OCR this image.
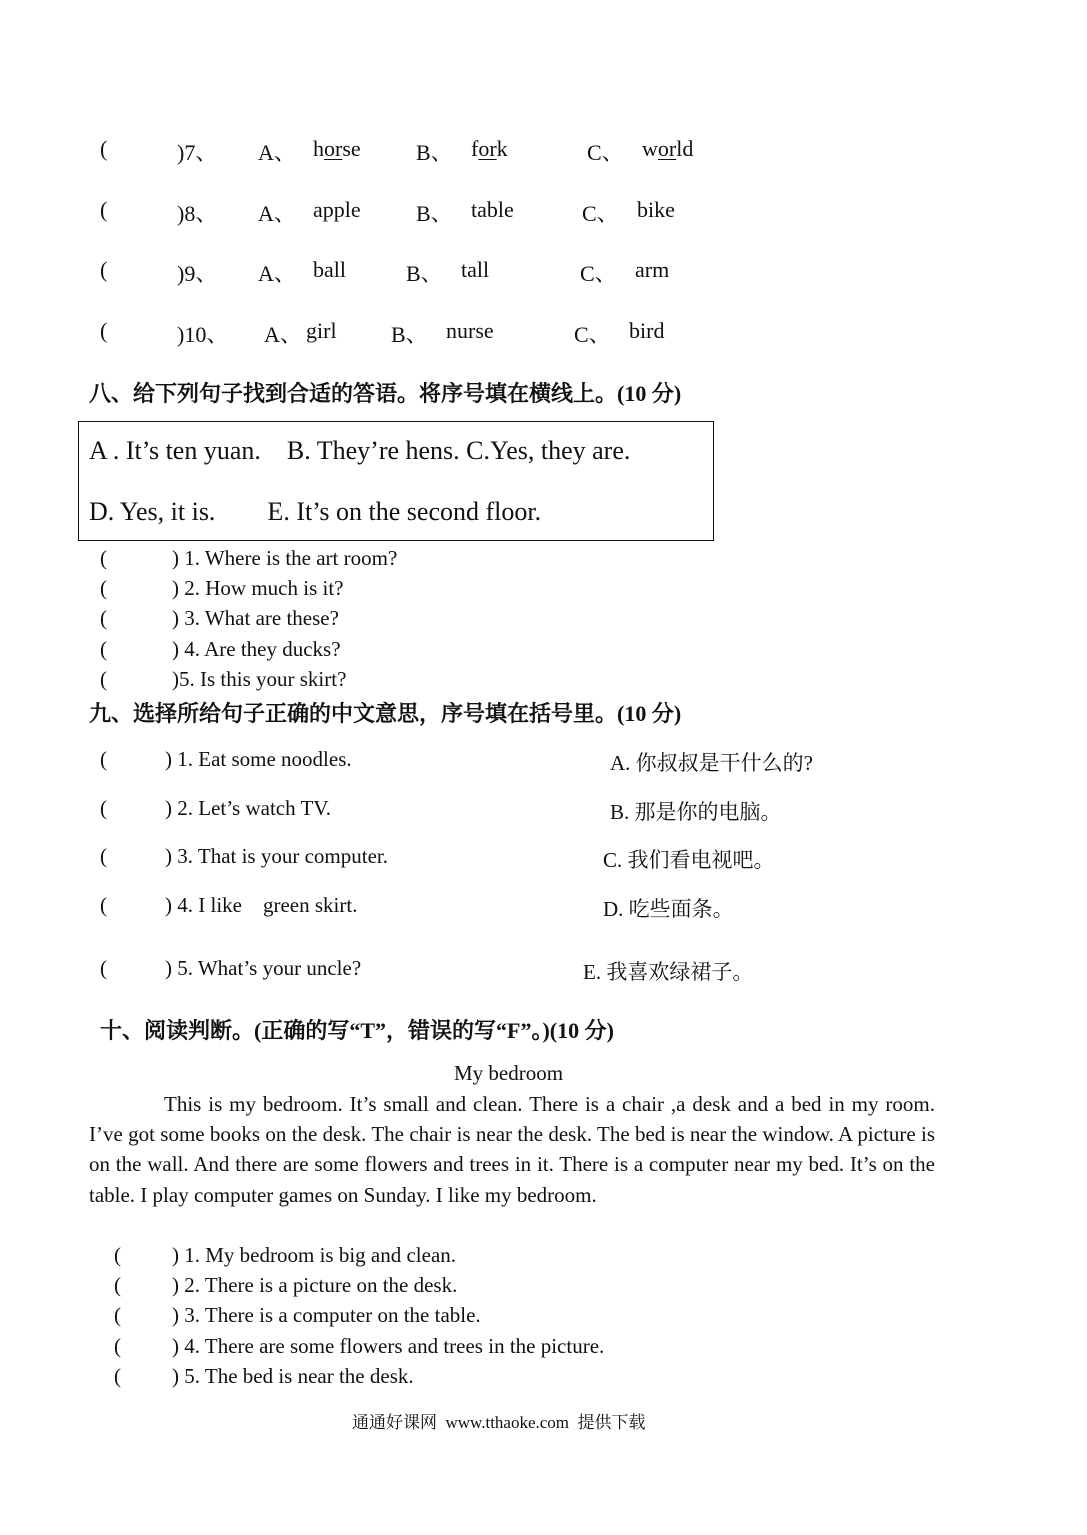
(	)7、 A、 horse	B、 fork	C、 world
(	)8、 A、 apple	B、 table	C、 bike
(	)9、 A、 ball	B、 tall	C、 arm
(	)10、 A、 girl B、 nurse	C、 bird
八、给下列句子找到合适的答语。将序号填在横线上。(10 分)
A . It’s ten yuan.    B. They’re hens. C.Yes, they are.
D. Yes, it is.        E. It’s on the second floor.
(	) 1. Where is the art room?
(	) 2. How much is it?
(	) 3. What are these?
(	) 4. Are they ducks?
(	)5. Is this your skirt?
九、选择所给句子正确的中文意思，序号填在括号里。(10 分)
(	) 1. Eat some noodles.	A. 你叔叔是干什么的?
(	) 2. Let’s watch TV.	B. 那是你的电脑。
(	) 3. That is your computer.	C. 我们看电视吧。
(	) 4. I like    green skirt.	D. 吃些面条。
(	) 5. What’s your uncle?	E. 我喜欢绿裙子。
十、阅读判断。(正确的写“T”，错误的写“F”。)(10 分)
My bedroom
This is my bedroom. It’s small and clean. There is a chair ,a desk and a bed in my room. I’ve got some books on the desk. The chair is near the desk. The bed is near the window. A picture is on the wall. And there are some flowers and trees in it. There is a computer near my bed. It’s on the table. I play computer games on Sunday. I like my bedroom.
( ) 1. My bedroom is big and clean.
( ) 2. There is a picture on the desk.
( ) 3. There is a computer on the table.
( ) 4. There are some flowers and trees in the picture.
( ) 5. The bed is near the desk.
通通好课网  www.tthaoke.com  提供下载
